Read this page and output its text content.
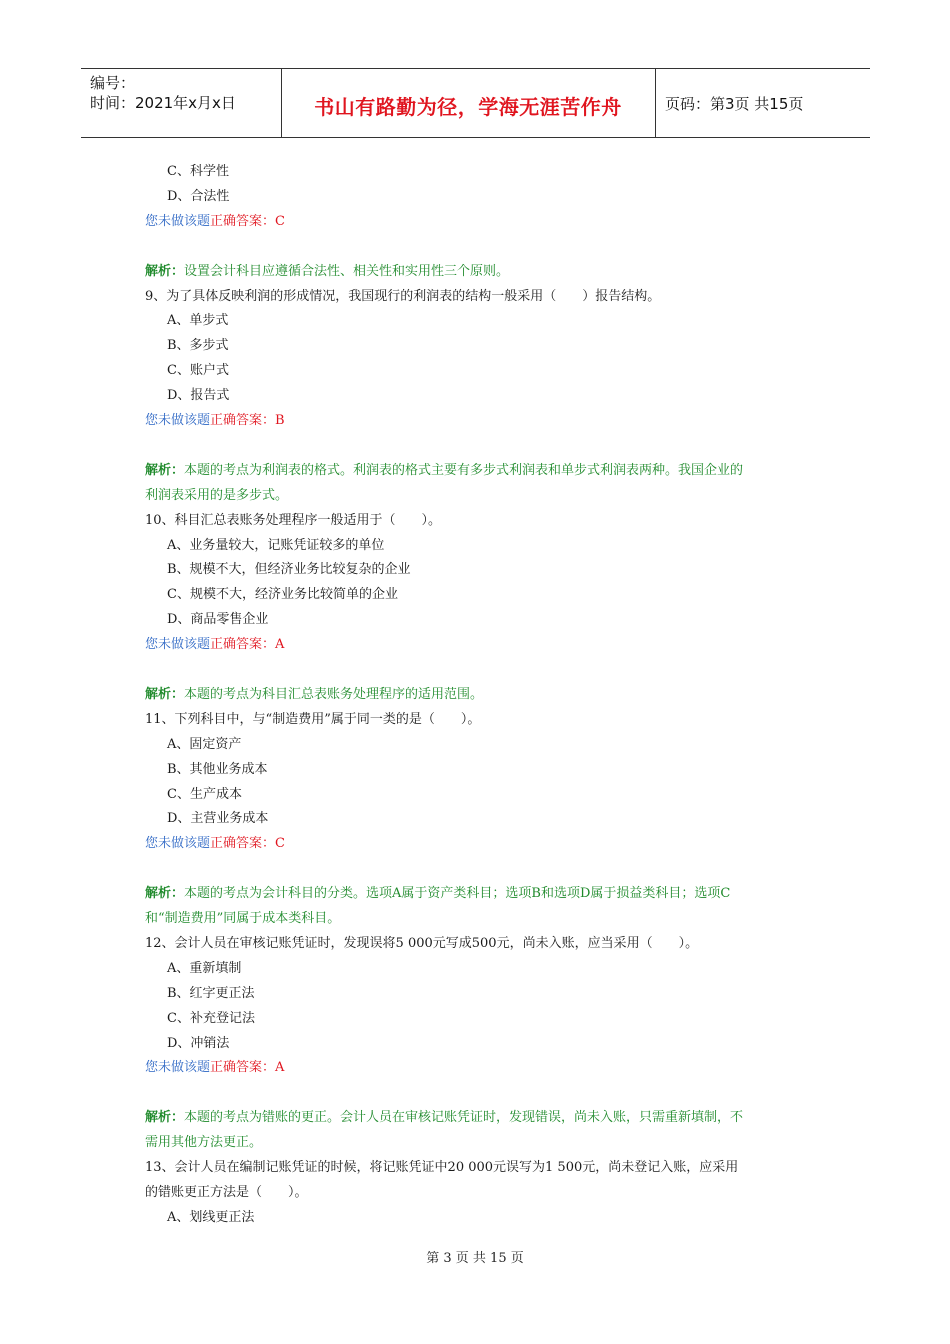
编号：
时间：2021年x月x日	书山有路勤为径，学海无涯苦作舟	页码：第3页 共15页
C、科学性
D、合法性
您未做该题正确答案：C
解析：设置会计科目应遵循合法性、相关性和实用性三个原则。
9、为了具体反映利润的形成情况，我国现行的利润表的结构一般采用（　　）报告结构。
A、单步式
B、多步式
C、账户式
D、报告式
您未做该题正确答案：B
解析：本题的考点为利润表的格式。利润表的格式主要有多步式利润表和单步式利润表两种。我国企业的
利润表采用的是多步式。
10、科目汇总表账务处理程序一般适用于（　　）。
A、业务量较大，记账凭证较多的单位
B、规模不大，但经济业务比较复杂的企业
C、规模不大，经济业务比较简单的企业
D、商品零售企业
您未做该题正确答案：A
解析：本题的考点为科目汇总表账务处理程序的适用范围。
11、下列科目中，与“制造费用”属于同一类的是（　　）。
A、固定资产
B、其他业务成本
C、生产成本
D、主营业务成本
您未做该题正确答案：C
解析：本题的考点为会计科目的分类。选项A属于资产类科目；选项B和选项D属于损益类科目；选项C
和“制造费用”同属于成本类科目。
12、会计人员在审核记账凭证时，发现误将5 000元写成500元，尚未入账，应当采用（　　）。
A、重新填制
B、红字更正法
C、补充登记法
D、冲销法
您未做该题正确答案：A
解析：本题的考点为错账的更正。会计人员在审核记账凭证时，发现错误，尚未入账，只需重新填制，不
需用其他方法更正。
13、会计人员在编制记账凭证的时候，将记账凭证中20 000元误写为1 500元，尚未登记入账，应采用
的错账更正方法是（　　）。
A、划线更正法
第 3 页 共 15 页
